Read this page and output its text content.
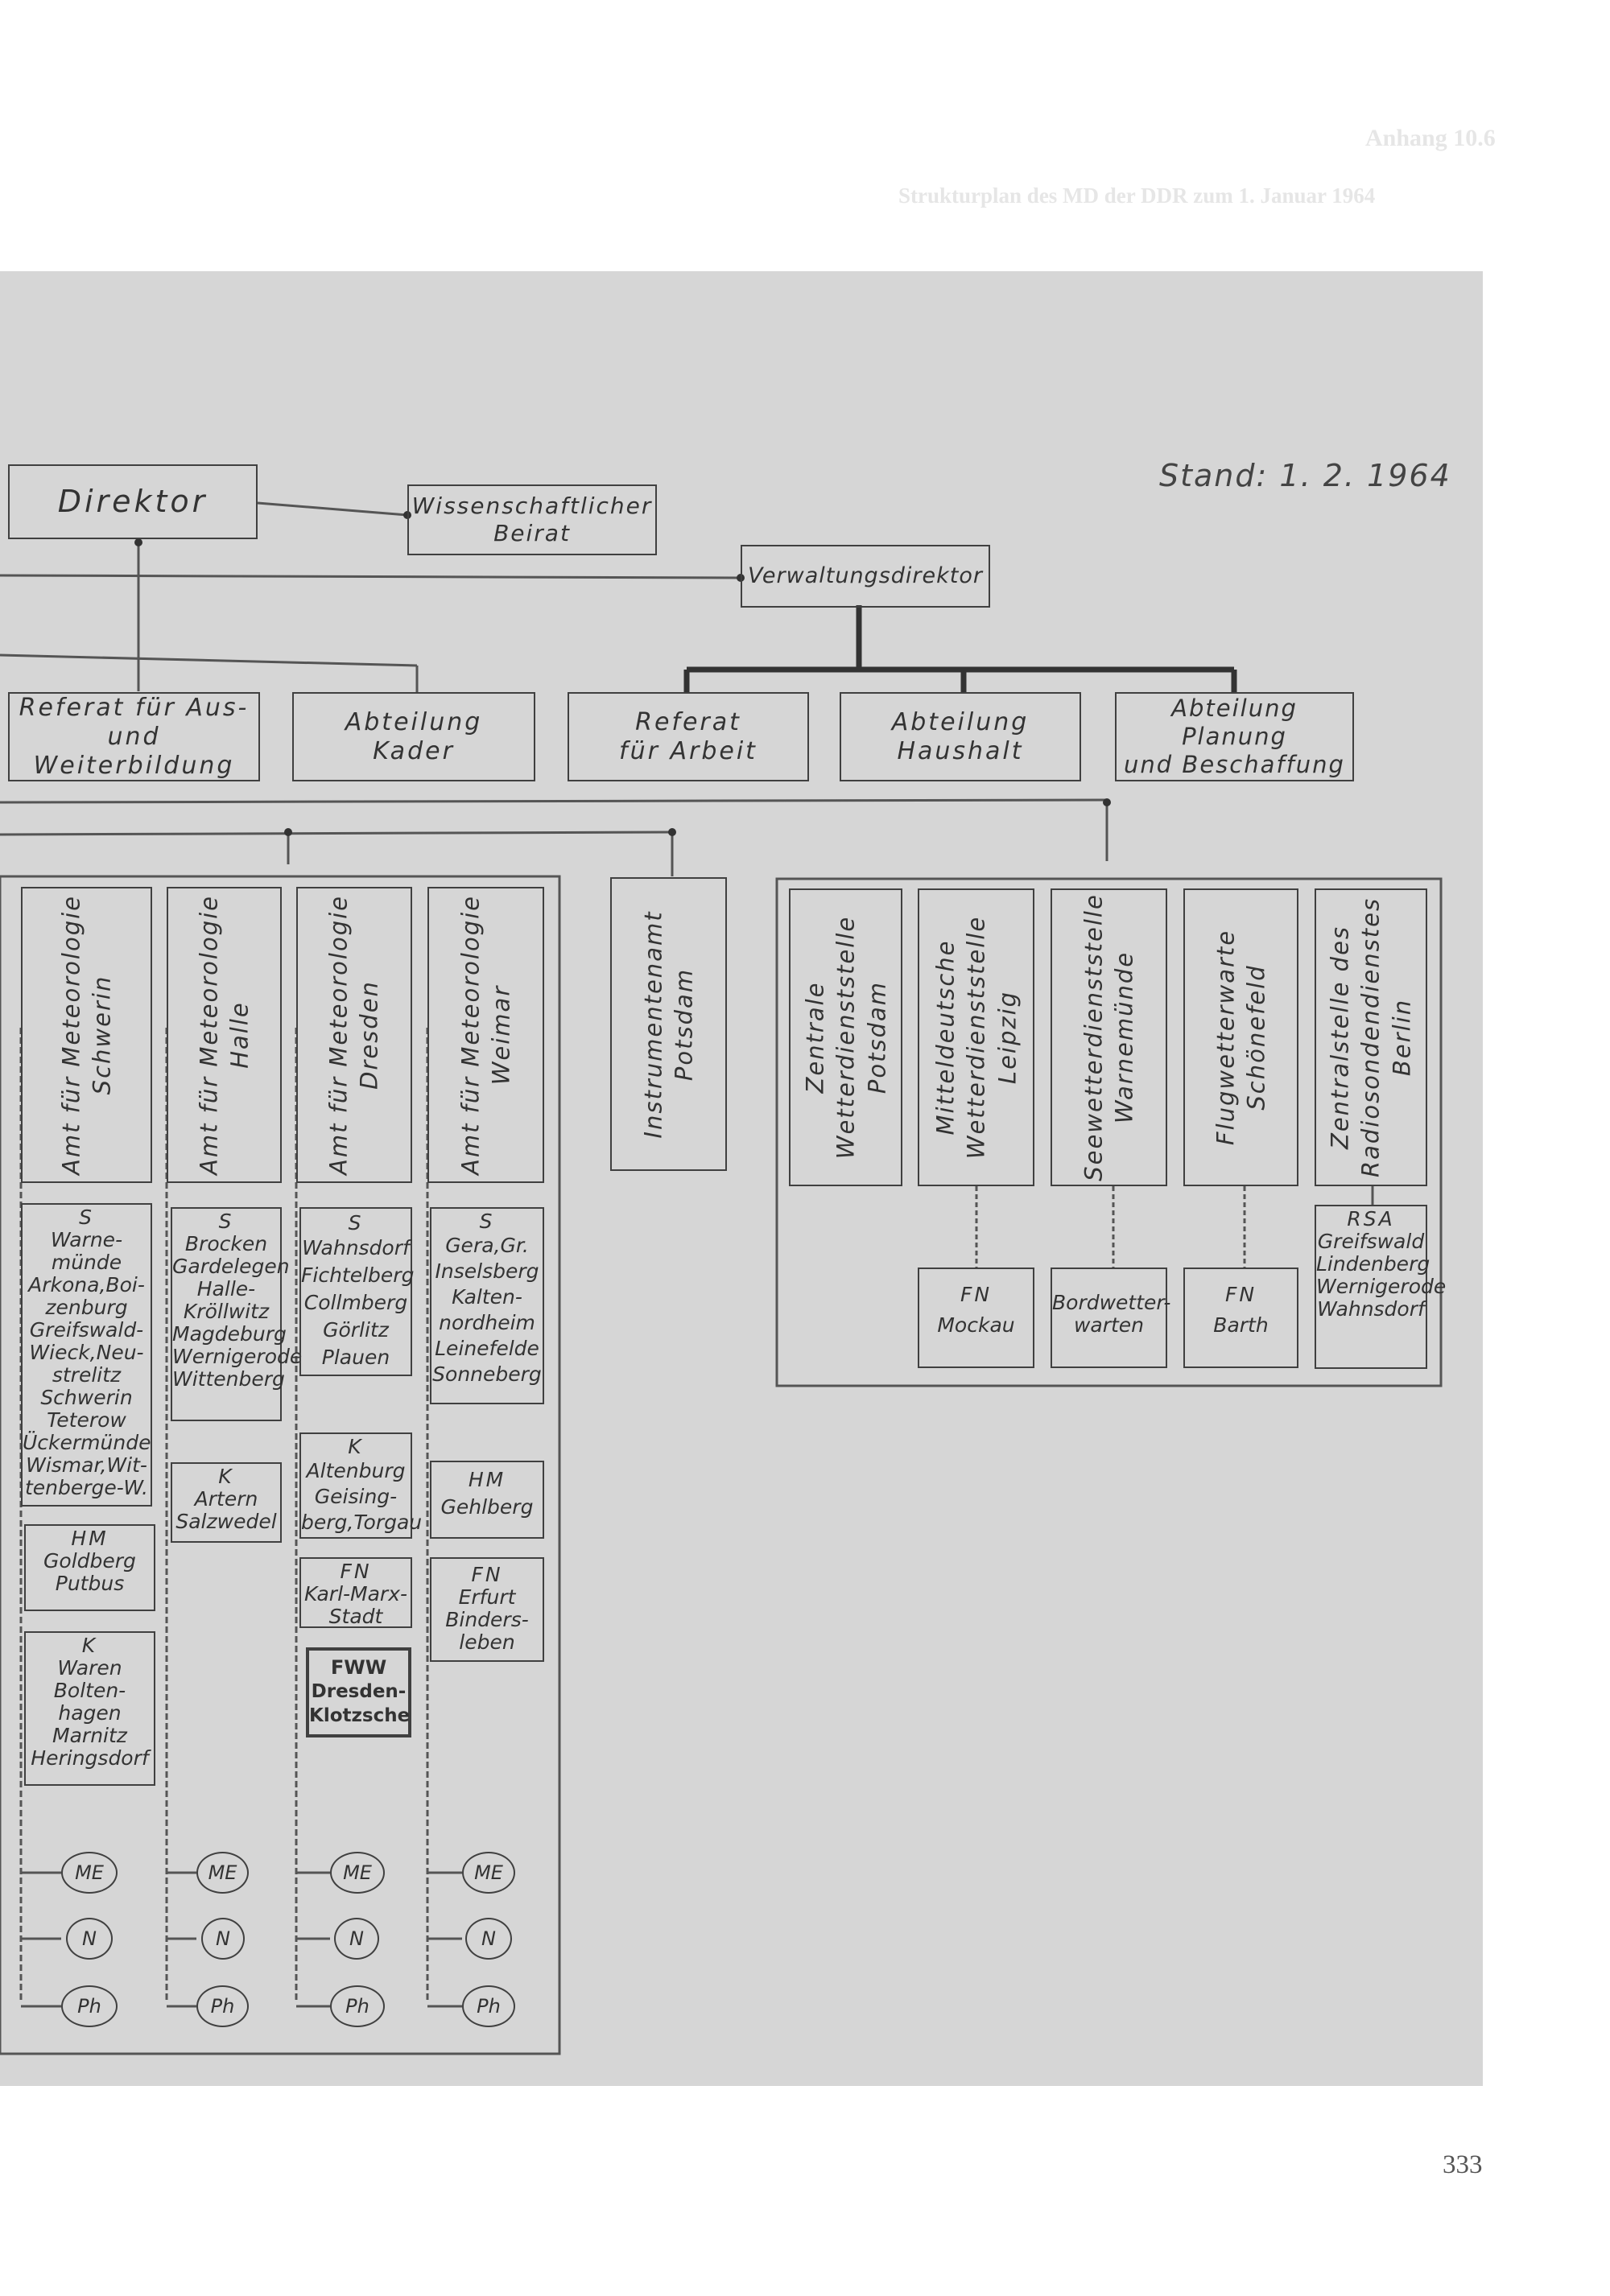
Anhang 10.6
Strukturplan des MD der DDR zum 1. Januar 1964
Stand: 1. 2. 1964
Direktor	Wissenschaftlicher
Beirat
Verwaltungsdirektor
Referat für Aus-
und Weiterbildung
Abteilung
Kader
Referat
für Arbeit
Abteilung
Haushalt
Abteilung Planung
und Beschaffung
Amt für Meteorologie Schwerin	Amt für Meteorologie Halle	Amt für Meteorologie Dresden	Amt für Meteorologie Weimar	Instrumentenamt Potsdam	Zentrale Wetterdienststelle Potsdam Mitteldeutsche Wetterdienststelle Leipzig	Seewetterdienststelle Warnemünde	Flugwetterwarte Schönefeld Zentralstelle des Radiosondendienstes Berlin
FN
Mockau
Bordwetter-
warten
FN
Barth
RSA
Greifswald
Lindenberg
Wernigerode
Wahnsdorf
S
Warne-
münde
Arkona,Boi-
zenburg
Greifswald-
Wieck,Neu-
strelitz
Schwerin
Teterow
Ückermünde
Wismar,Wit-
tenberge-W.
HM
Goldberg
Putbus
K
Waren
Bolten-
hagen
Marnitz
Heringsdorf
S
Brocken
Gardelegen
Halle-
Kröllwitz
Magdeburg
Wernigerode
Wittenberg
K
Artern
Salzwedel
S
Wahnsdorf
Fichtelberg
Collmberg
Görlitz
Plauen
K
Altenburg
Geising-
berg,Torgau
FN
Karl-Marx-
Stadt
FWW
Dresden-
Klotzsche
S
Gera,Gr.
Inselsberg
Kalten-
nordheim
Leinefelde
Sonneberg
HM
Gehlberg
FN
Erfurt
Binders-
leben
ME
N
Ph
ME
N
Ph
ME
N
Ph
ME
N
Ph
333
